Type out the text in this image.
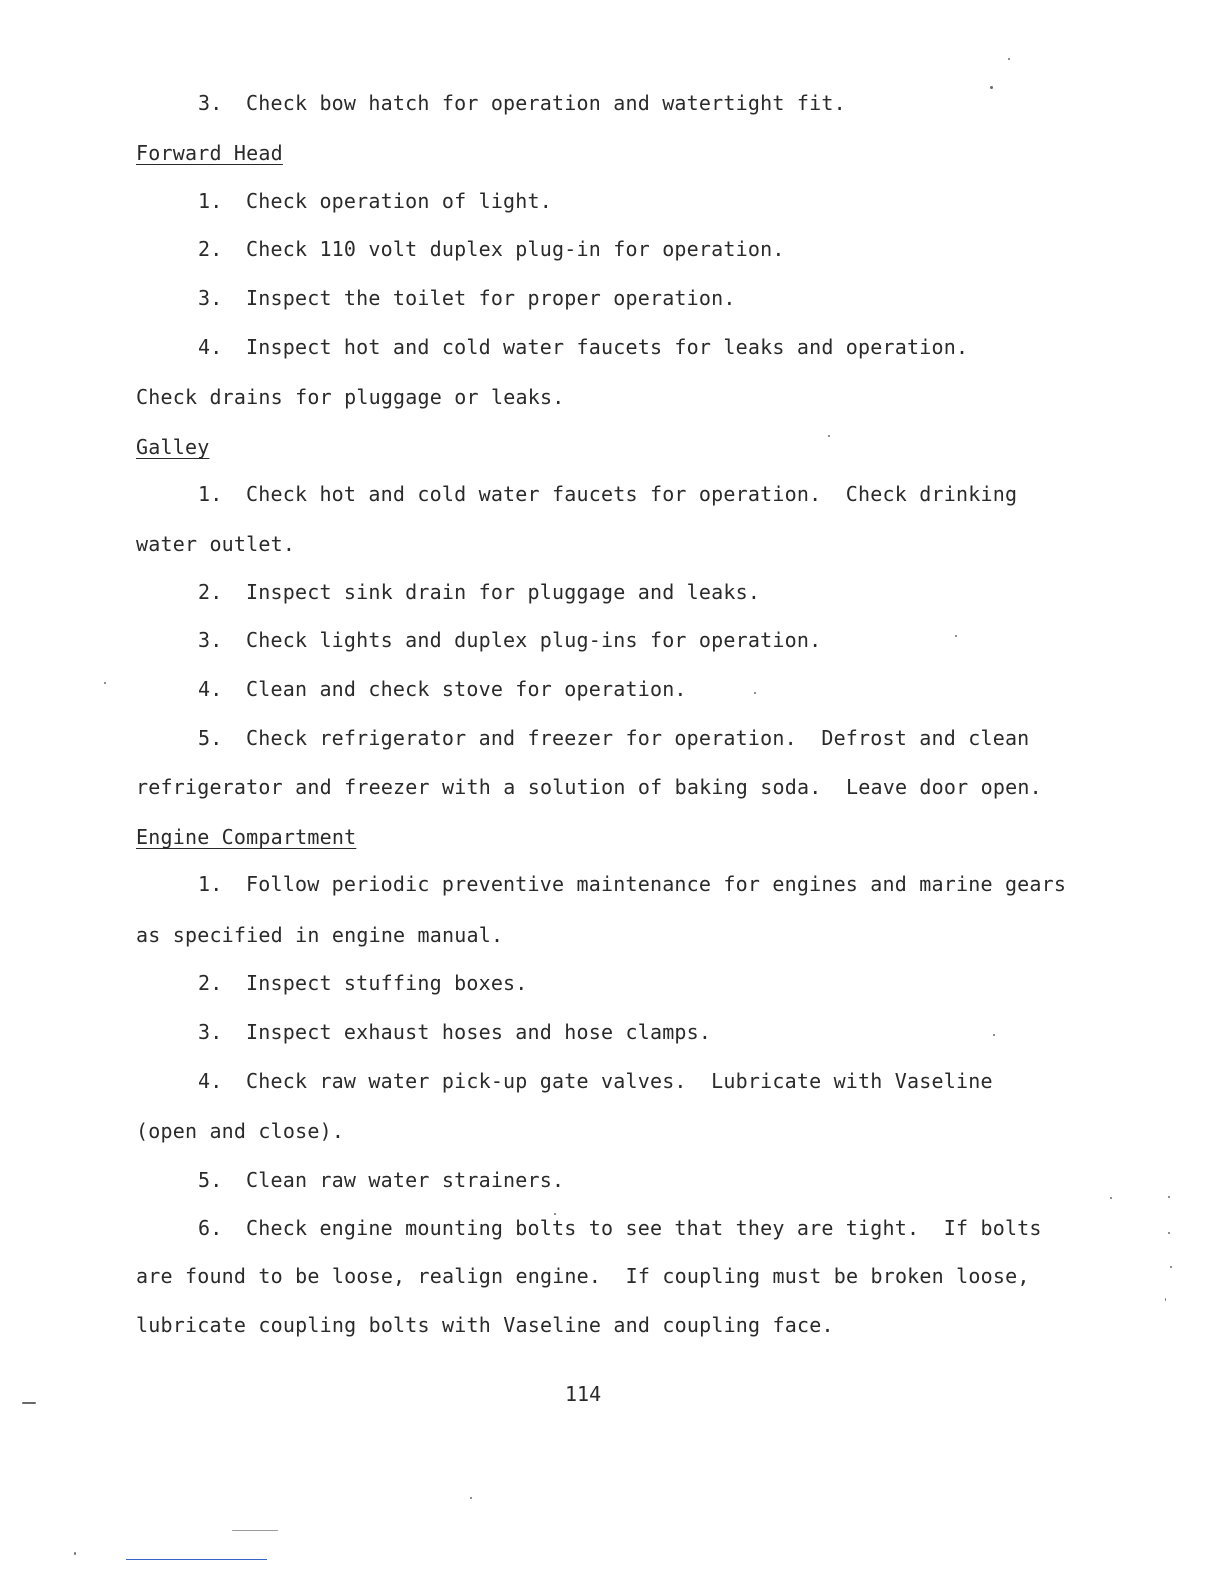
3. Check bow hatch for operation and watertight fit.
Forward Head
1. Check operation of light.
2. Check 110 volt duplex plug-in for operation.
3. Inspect the toilet for proper operation.
4. Inspect hot and cold water faucets for leaks and operation.
Check drains for pluggage or leaks.
Galley
1. Check hot and cold water faucets for operation.  Check drinking
water outlet.
2. Inspect sink drain for pluggage and leaks.
3. Check lights and duplex plug-ins for operation.
4. Clean and check stove for operation.
5. Check refrigerator and freezer for operation.  Defrost and clean
refrigerator and freezer with a solution of baking soda.  Leave door open.
Engine Compartment
1. Follow periodic preventive maintenance for engines and marine gears
as specified in engine manual.
2. Inspect stuffing boxes.
3. Inspect exhaust hoses and hose clamps.
4. Check raw water pick-up gate valves.  Lubricate with Vaseline
(open and close).
5. Clean raw water strainers.
6. Check engine mounting bolts to see that they are tight.  If bolts
are found to be loose, realign engine.  If coupling must be broken loose,
lubricate coupling bolts with Vaseline and coupling face.
114
